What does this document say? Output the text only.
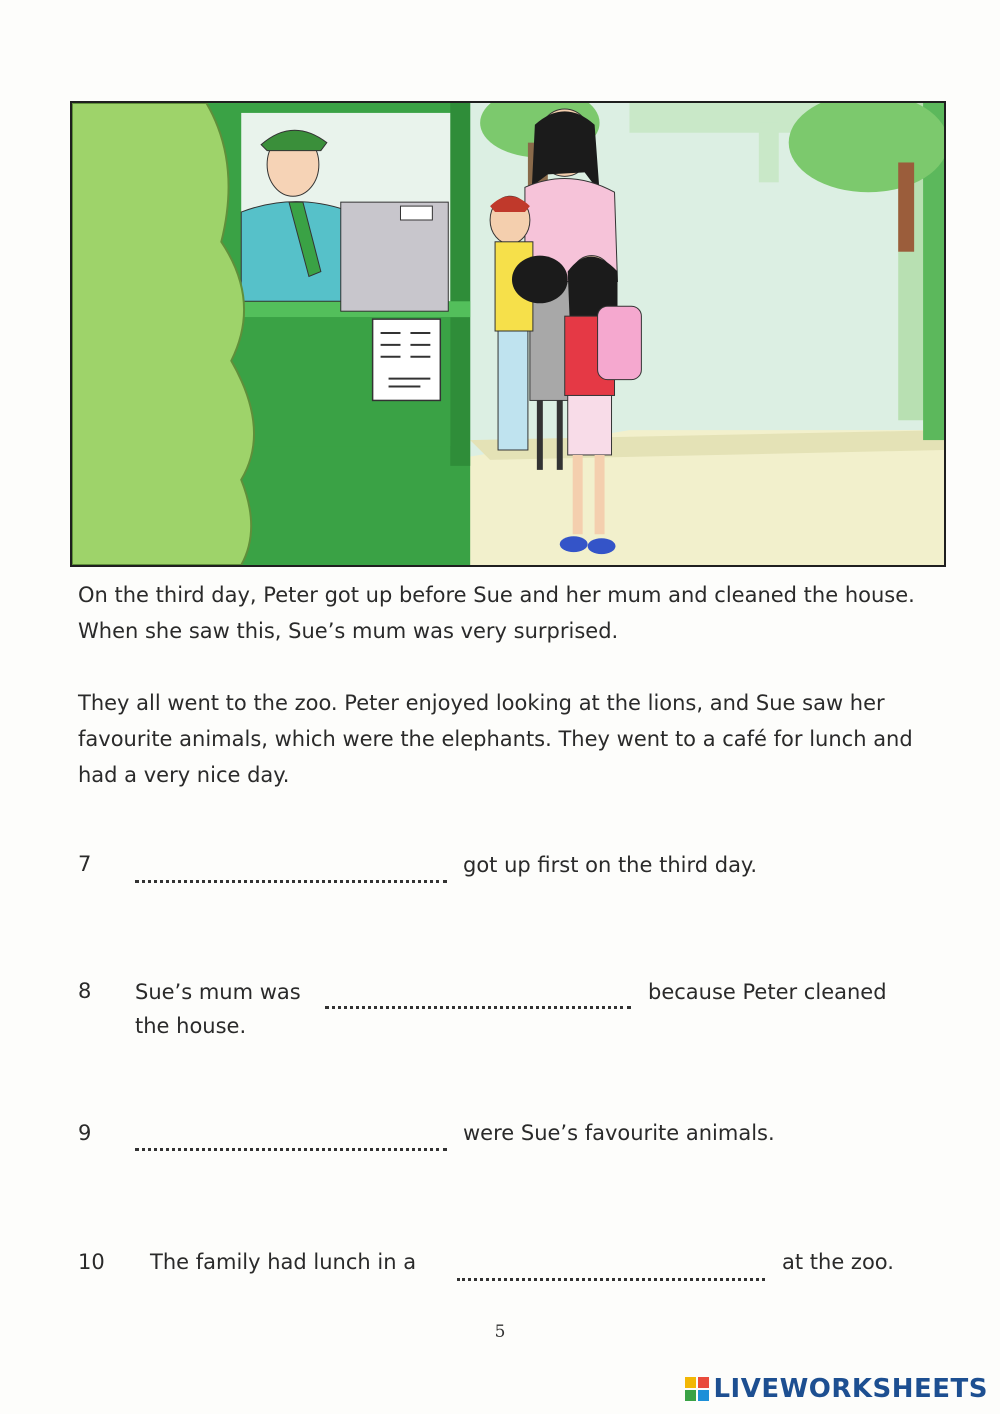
On the third day, Peter got up before Sue and her mum and cleaned the house. When she saw this, Sue’s mum was very surprised.

They all went to the zoo. Peter enjoyed looking at the lions, and Sue saw her favourite animals, which were the elephants. They went to a café for lunch and had a very nice day.

7	got up first on the third day.
8 Sue’s mum was	because Peter cleaned
the house.
9	were Sue’s favourite animals.
10 The family had lunch in a	at the zoo.
5
LIVEWORKSHEETS
